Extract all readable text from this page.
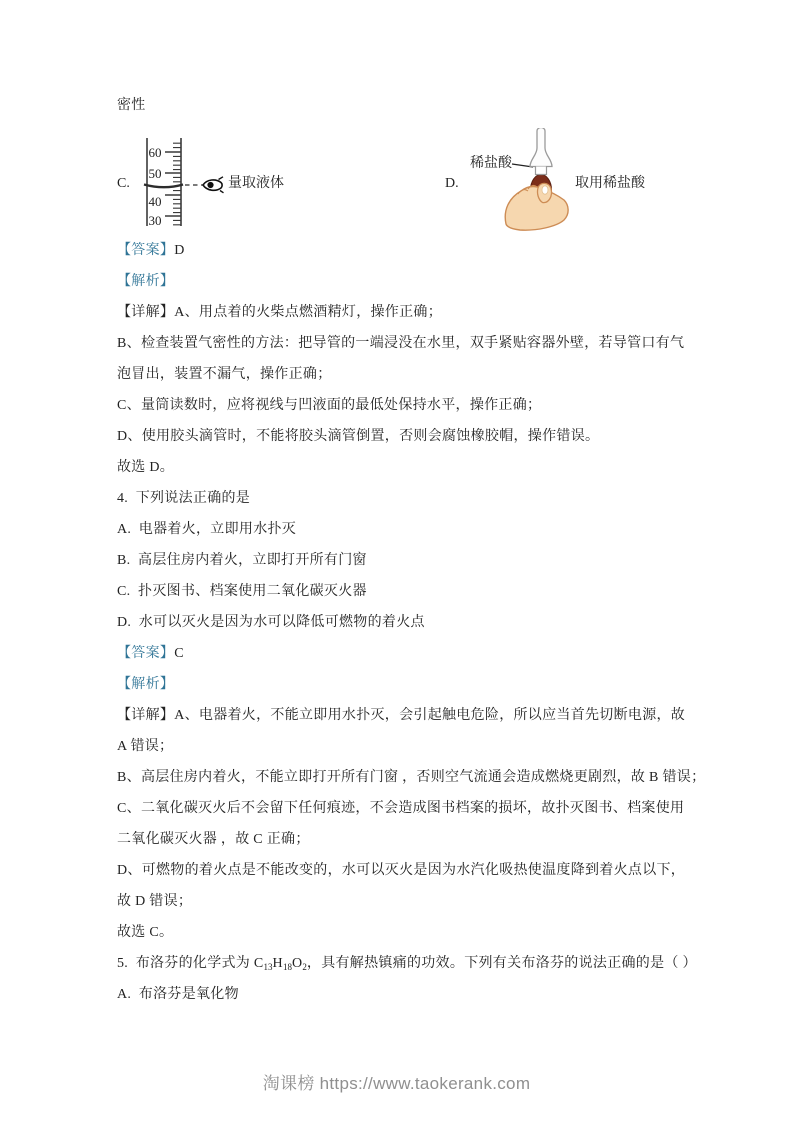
密性
C.
60
50
40
30
量取液体	D.
稀盐酸
取用稀盐酸
【答案】D
【解析】
【详解】A、用点着的火柴点燃酒精灯，操作正确；
B、检查装置气密性的方法：把导管的一端浸没在水里，双手紧贴容器外壁，若导管口有气
泡冒出，装置不漏气，操作正确；
C、量筒读数时，应将视线与凹液面的最低处保持水平，操作正确；
D、使用胶头滴管时，不能将胶头滴管倒置，否则会腐蚀橡胶帽，操作错误。
故选 D。
4.  下列说法正确的是
A.  电器着火，立即用水扑灭
B.  高层住房内着火，立即打开所有门窗
C.  扑灭图书、档案使用二氧化碳灭火器
D.  水可以灭火是因为水可以降低可燃物的着火点
【答案】C
【解析】
【详解】A、电器着火，不能立即用水扑灭，会引起触电危险，所以应当首先切断电源，故
A 错误；
B、高层住房内着火，不能立即打开所有门窗 ，否则空气流通会造成燃烧更剧烈，故 B 错误；
C、二氧化碳灭火后不会留下任何痕迹，不会造成图书档案的损坏，故扑灭图书、档案使用
二氧化碳灭火器 ，故 C 正确；
D、可燃物的着火点是不能改变的，水可以灭火是因为水汽化吸热使温度降到着火点以下，
故 D 错误；
故选 C。
5.  布洛芬的化学式为 $C_{13}H_{18}O_2$，具有解热镇痛的功效。下列有关布洛芬的说法正确的是（ ）
A.  布洛芬是氧化物
淘课榜 https://www.taokerank.com
